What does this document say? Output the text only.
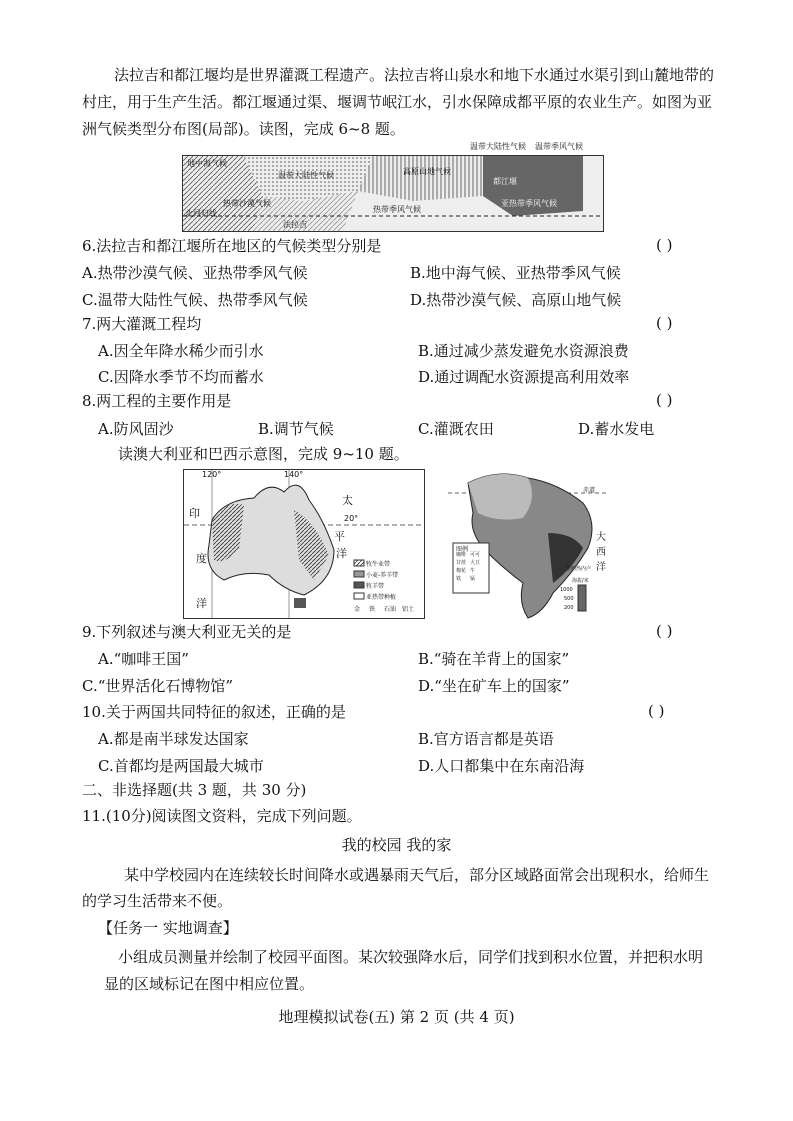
法拉吉和都江堰均是世界灌溉工程遗产。法拉吉将山泉水和地下水通过水渠引到山麓地带的村庄，用于生产生活。都江堰通过渠、堰调节岷江水，引水保障成都平原的农业生产。如图为亚洲气候类型分布图(局部)。读图，完成 6~8 题。
地中海气候
温带大陆性气候	高原山地气候
都江堰
热带沙漠气候
热带季风气候
亚热带季风气候
北回归线
法拉吉
温带大陆性气候 温带季风气候
6.法拉吉和都江堰所在地区的气候类型分别是	( )
A.热带沙漠气候、亚热带季风气候	B.地中海气候、亚热带季风气候
C.温带大陆性气候、热带季风气候	D.热带沙漠气候、高原山地气候
7.两大灌溉工程均	( )
A.因全年降水稀少而引水	B.通过减少蒸发避免水资源浪费
C.因降水季节不均而蓄水	D.通过调配水资源提高利用效率
8.两工程的主要作用是	( )
A.防风固沙	B.调节气候	C.灌溉农田	D.蓄水发电
读澳大利亚和巴西示意图，完成 9~10 题。
120°	140°
20°
印
度
洋
太
平
洋
牧牛业带
小麦-养羊带
牧羊带
亚热带种植
金 铁 石油 铝土
赤道
大
西
洋
图例
咖啡 可可
甘蔗 大豆
棉花 牛
铁 锰	海拔/米
1000
500
200
里约热内卢
9.下列叙述与澳大利亚无关的是	( )
A.“咖啡王国”	B.“骑在羊背上的国家”
C.“世界活化石博物馆”	D.“坐在矿车上的国家”
10.关于两国共同特征的叙述，正确的是	( )
A.都是南半球发达国家	B.官方语言都是英语
C.首都均是两国最大城市	D.人口都集中在东南沿海
二、非选择题(共 3 题，共 30 分)
11.(10分)阅读图文资料，完成下列问题。
我的校园 我的家
某中学校园内在连续较长时间降水或遇暴雨天气后，部分区域路面常会出现积水，给师生的学习生活带来不便。
【任务一 实地调查】
小组成员测量并绘制了校园平面图。某次较强降水后，同学们找到积水位置，并把积水明显的区域标记在图中相应位置。
地理模拟试卷(五) 第 2 页 (共 4 页)
